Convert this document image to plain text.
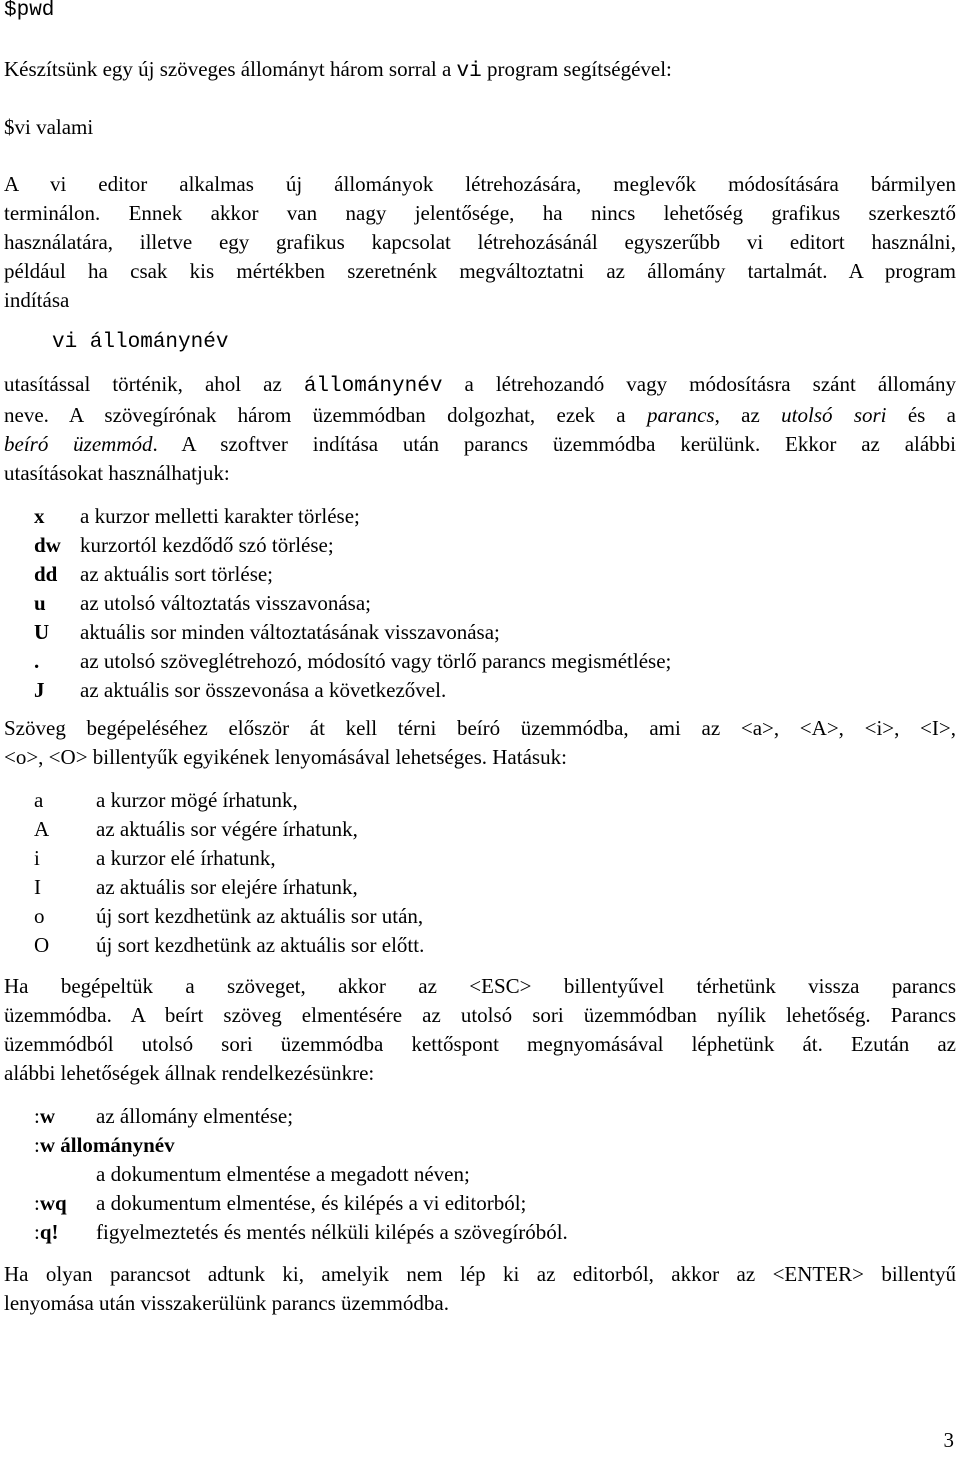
$pwd

Készítsünk egy új szöveges állományt három sorral a vi program segítségével:

$vi valami

A vi editor alkalmas új állományok létrehozására, meglevők módosítására bármilyen

terminálon. Ennek akkor van nagy jelentősége, ha nincs lehetőség grafikus szerkesztő

használatára, illetve egy grafikus kapcsolat létrehozásánál egyszerűbb vi editort használni,

például ha csak kis mértékben szeretnénk megváltoztatni az állomány tartalmát. A program

indítása

vi állománynév

utasítással történik, ahol az állománynév a létrehozandó vagy módosításra szánt állomány

neve. A szövegírónak három üzemmódban dolgozhat, ezek a parancs, az utolsó sori és a

beíró üzemmód. A szoftver indítása után parancs üzemmódba kerülünk. Ekkor az alábbi

utasításokat használhatjuk:

x	a kurzor melletti karakter törlése;
dw kurzortól kezdődő szó törlése;
dd	az aktuális sort törlése;
u	az utolsó változtatás visszavonása;
U	aktuális sor minden változtatásának visszavonása;
.	az utolsó szöveglétrehozó, módosító vagy törlő parancs megismétlése;
J	az aktuális sor összevonása a következővel.

Szöveg begépeléséhez először át kell térni beíró üzemmódba, ami az <a>, <A>, <i>, <I>,

<o>, <O> billentyűk egyikének lenyomásával lehetséges. Hatásuk:

a	a kurzor mögé írhatunk,
A	az aktuális sor végére írhatunk,
i	a kurzor elé írhatunk,
I	az aktuális sor elejére írhatunk,
o	új sort kezdhetünk az aktuális sor után,
O	új sort kezdhetünk az aktuális sor előtt.

Ha begépeltük a szöveget, akkor az <ESC> billentyűvel térhetünk vissza parancs

üzemmódba. A beírt szöveg elmentésére az utolsó sori üzemmódban nyílik lehetőség. Parancs

üzemmódból utolsó sori üzemmódba kettőspont megnyomásával léphetünk át. Ezután az

alábbi lehetőségek állnak rendelkezésünkre:

:w	az állomány elmentése;
:w állománynév
a dokumentum elmentése a megadott néven;
:wq	a dokumentum elmentése, és kilépés a vi editorból;
:q!	figyelmeztetés és mentés nélküli kilépés a szövegíróból.

Ha olyan parancsot adtunk ki, amelyik nem lép ki az editorból, akkor az <ENTER> billentyű

lenyomása után visszakerülünk parancs üzemmódba.

3
